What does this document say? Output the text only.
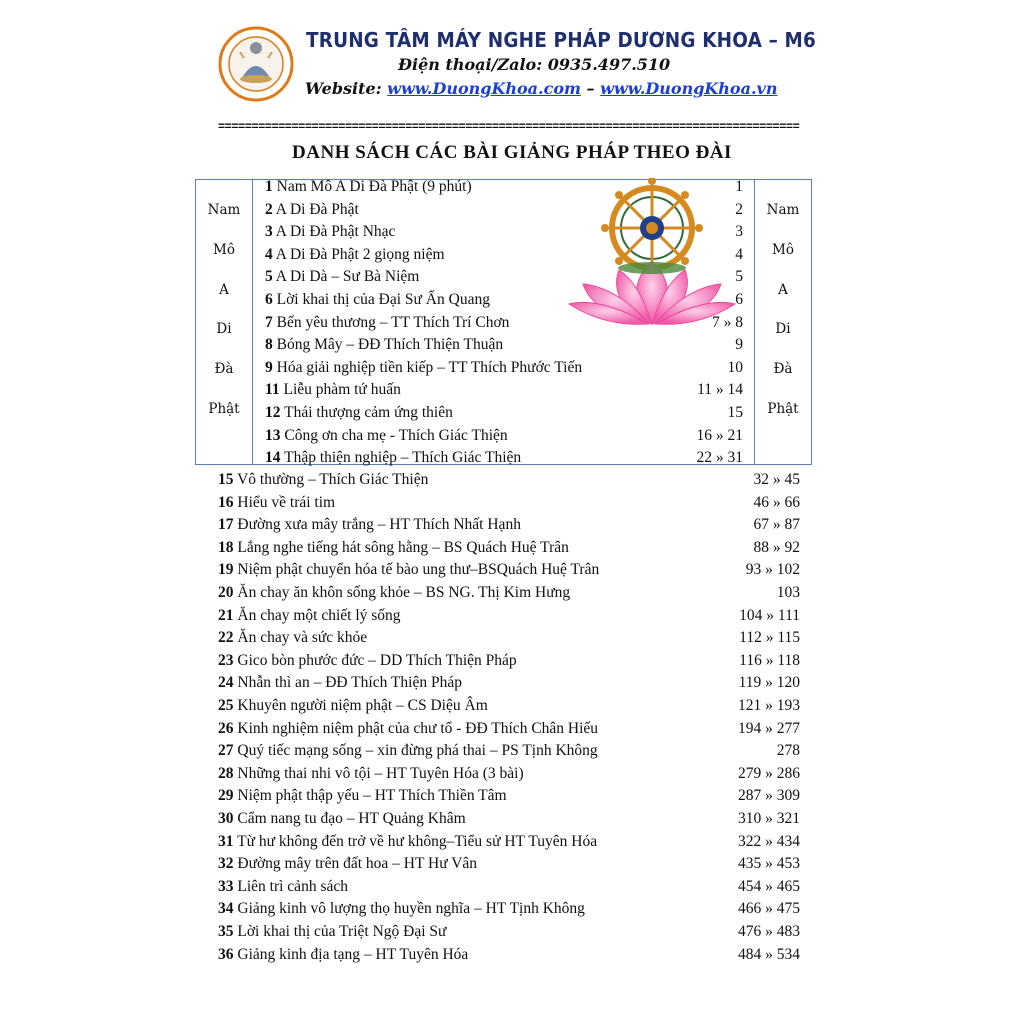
TRUNG TÂM MÁY NGHE PHÁP DƯƠNG KHOA – M6
Điện thoại/Zalo: 0935.497.510
Website: www.DuongKhoa.com – www.DuongKhoa.vn
=======================================================================================
DANH SÁCH CÁC BÀI GIẢNG PHÁP THEO ĐÀI
Nam
Mô
A
Di
Đà
Phật
Nam
Mô
A
Di
Đà
Phật
1 Nam Mô A Di Đà Phật (9 phút)	1
2 A Di Đà Phật	2
3 A Di Đà Phật Nhạc	3
4 A Di Đà Phật 2 giọng niệm	4
5 A Di Dà – Sư Bà Niệm	5
6 Lời khai thị của Đại Sư Ấn Quang	6
7 Bến yêu thương – TT Thích Trí Chơn	7 » 8
8 Bóng Mây – ĐĐ Thích Thiện Thuận	9
9 Hóa giải nghiệp tiền kiếp – TT Thích Phước Tiến	10
11 Liễu phàm tứ huấn	11 » 14
12 Thái thượng cảm ứng thiên	15
13 Công ơn cha mẹ - Thích Giác Thiện	16 » 21
14 Thập thiện nghiệp – Thích Giác Thiện	22 » 31
15 Vô thường – Thích Giác Thiện	32 » 45
16 Hiểu về trái tim	46 » 66
17 Đường xưa mây trắng – HT Thích Nhất Hạnh	67 » 87
18 Lắng nghe tiếng hát sông hằng – BS Quách Huệ Trân	88 » 92
19 Niệm phật chuyển hóa tế bào ung thư–BSQuách Huệ Trân	93 » 102
20 Ăn chay ăn khôn sống khỏe – BS NG. Thị Kim Hưng	103
21 Ăn chay một chiết lý sống	104 » 111
22 Ăn chay và sức khỏe	112 » 115
23 Gico bòn phước đức – DD Thích Thiện Pháp	116 » 118
24 Nhẫn thì an – ĐĐ Thích Thiện Pháp	119 » 120
25 Khuyên người niệm phật – CS Diệu Âm	121 » 193
26 Kinh nghiệm niệm phật của chư tổ - ĐĐ Thích Chân Hiếu	194 » 277
27 Quý tiếc mạng sống – xin đừng phá thai – PS Tịnh Không	278
28 Những thai nhi vô tội – HT Tuyên Hóa (3 bài)	279 » 286
29 Niệm phật thập yếu – HT Thích Thiền Tâm	287 » 309
30 Cẩm nang tu đạo – HT Quảng Khâm	310 » 321
31 Từ hư không đến trở về hư không–Tiểu sử HT Tuyên Hóa	322 » 434
32 Đường mây trên đất hoa – HT Hư Vân	435 » 453
33 Liên trì cảnh sách	454 » 465
34 Giảng kinh vô lượng thọ huyền nghĩa – HT Tịnh Không	466 » 475
35 Lời khai thị của Triệt Ngộ Đại Sư	476 » 483
36 Giảng kinh địa tạng – HT Tuyên Hóa	484 » 534
